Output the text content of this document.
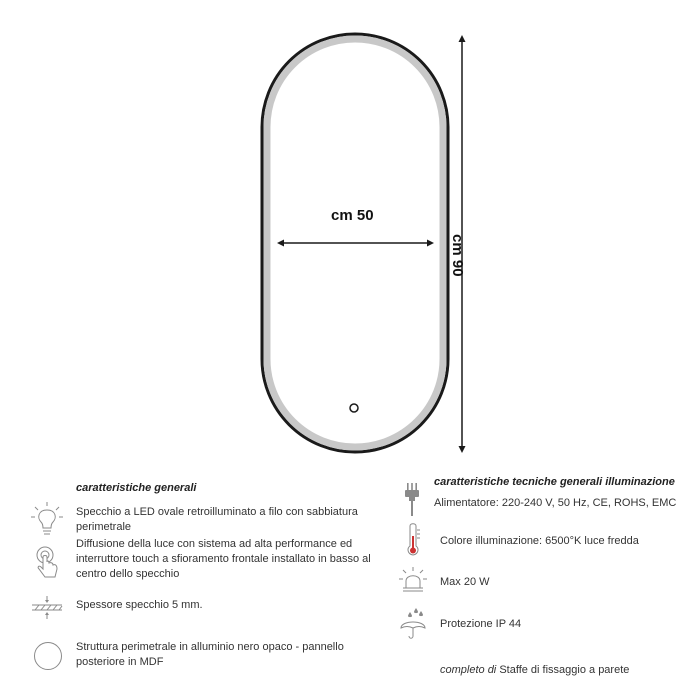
cm 50
cm 90
caratteristiche generali
Specchio a LED ovale retroilluminato a filo con sabbiatura perimetrale
Diffusione della luce con sistema ad alta performance ed interruttore touch a sfioramento frontale installato in basso al centro dello specchio
Spessore specchio 5 mm.
Struttura perimetrale in alluminio nero opaco - pannello posteriore in MDF
caratteristiche tecniche generali illuminazione
Alimentatore: 220-240 V, 50 Hz, CE, ROHS, EMC
Colore illuminazione: 6500°K luce fredda
Max 20 W
Protezione IP 44
completo di Staffe di fissaggio a parete
